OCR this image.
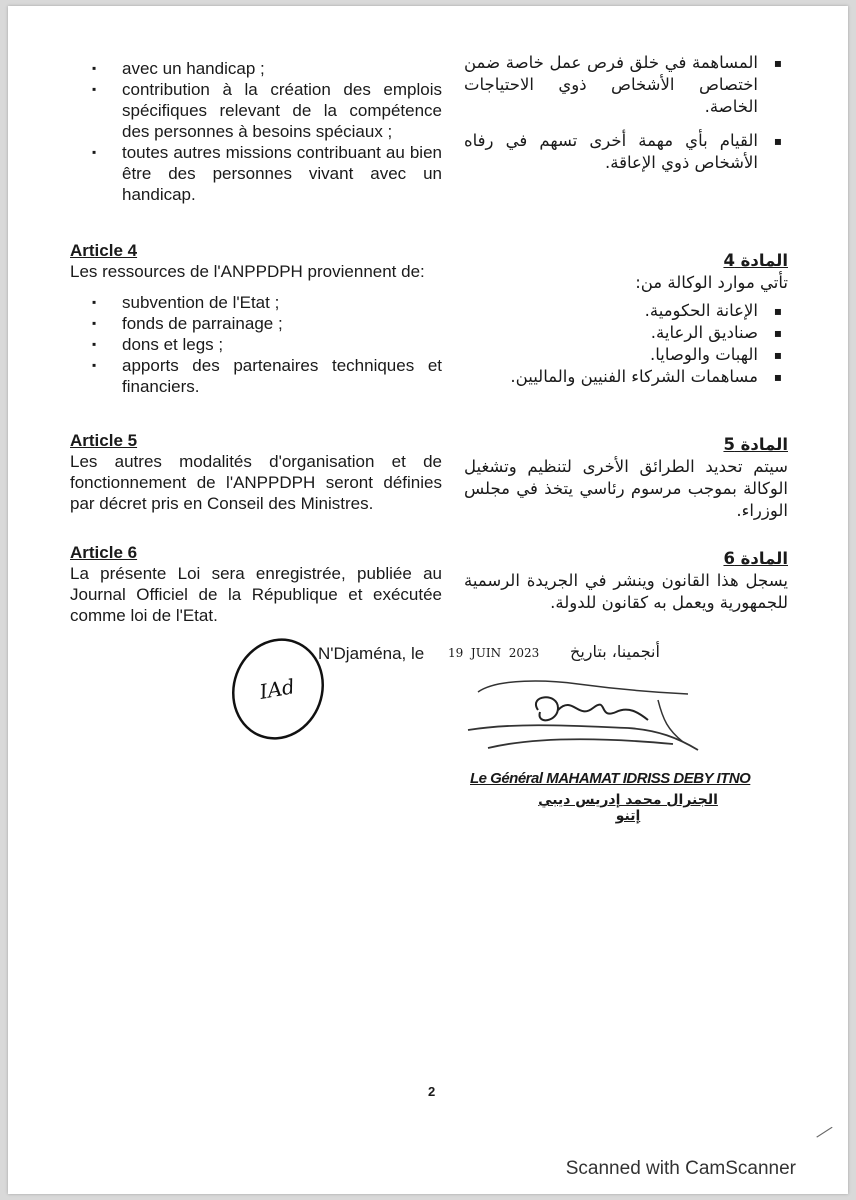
▪ avec un handicap ;
▪ contribution à la création des emplois spécifiques relevant de la compétence des personnes à besoins spéciaux ;
▪ toutes autres missions contribuant au bien être des personnes vivant avec un handicap.
Article 4

Les ressources de l'ANPPDPH proviennent de:

▪ subvention de l'Etat ;
▪ fonds de parrainage ;
▪ dons et legs ;
▪ apports des partenaires techniques et financiers.
Article 5

Les autres modalités d'organisation et de fonctionnement de l'ANPPDPH seront définies par décret pris en Conseil des Ministres.

Article 6

La présente Loi sera enregistrée, publiée au Journal Officiel de la République et exécutée comme loi de l'Etat.

▪ المساهمة في خلق فرص عمل خاصة ضمن اختصاص الأشخاص ذوي الاحتياجات الخاصة.
▪ القيام بأي مهمة أخرى تسهم في رفاه الأشخاص ذوي الإعاقة.
المادة 4

تأتي موارد الوكالة من:

▪ الإعانة الحكومية.
▪ صناديق الرعاية.
▪ الهبات والوصايا.
▪ مساهمات الشركاء الفنيين والماليين.
المادة 5

سيتم تحديد الطرائق الأخرى لتنظيم وتشغيل الوكالة بموجب مرسوم رئاسي يتخذ في مجلس الوزراء.

المادة 6

يسجل هذا القانون وينشر في الجريدة الرسمية للجمهورية ويعمل به كقانون للدولة.

IAd
N'Djaména, le 19  JUIN  2023 أنجمينا، بتاريخ
Le Général MAHAMAT IDRISS DEBY ITNO
الجنرال محمد إدريس ديبي إتنو
2
╱
Scanned with CamScanner
